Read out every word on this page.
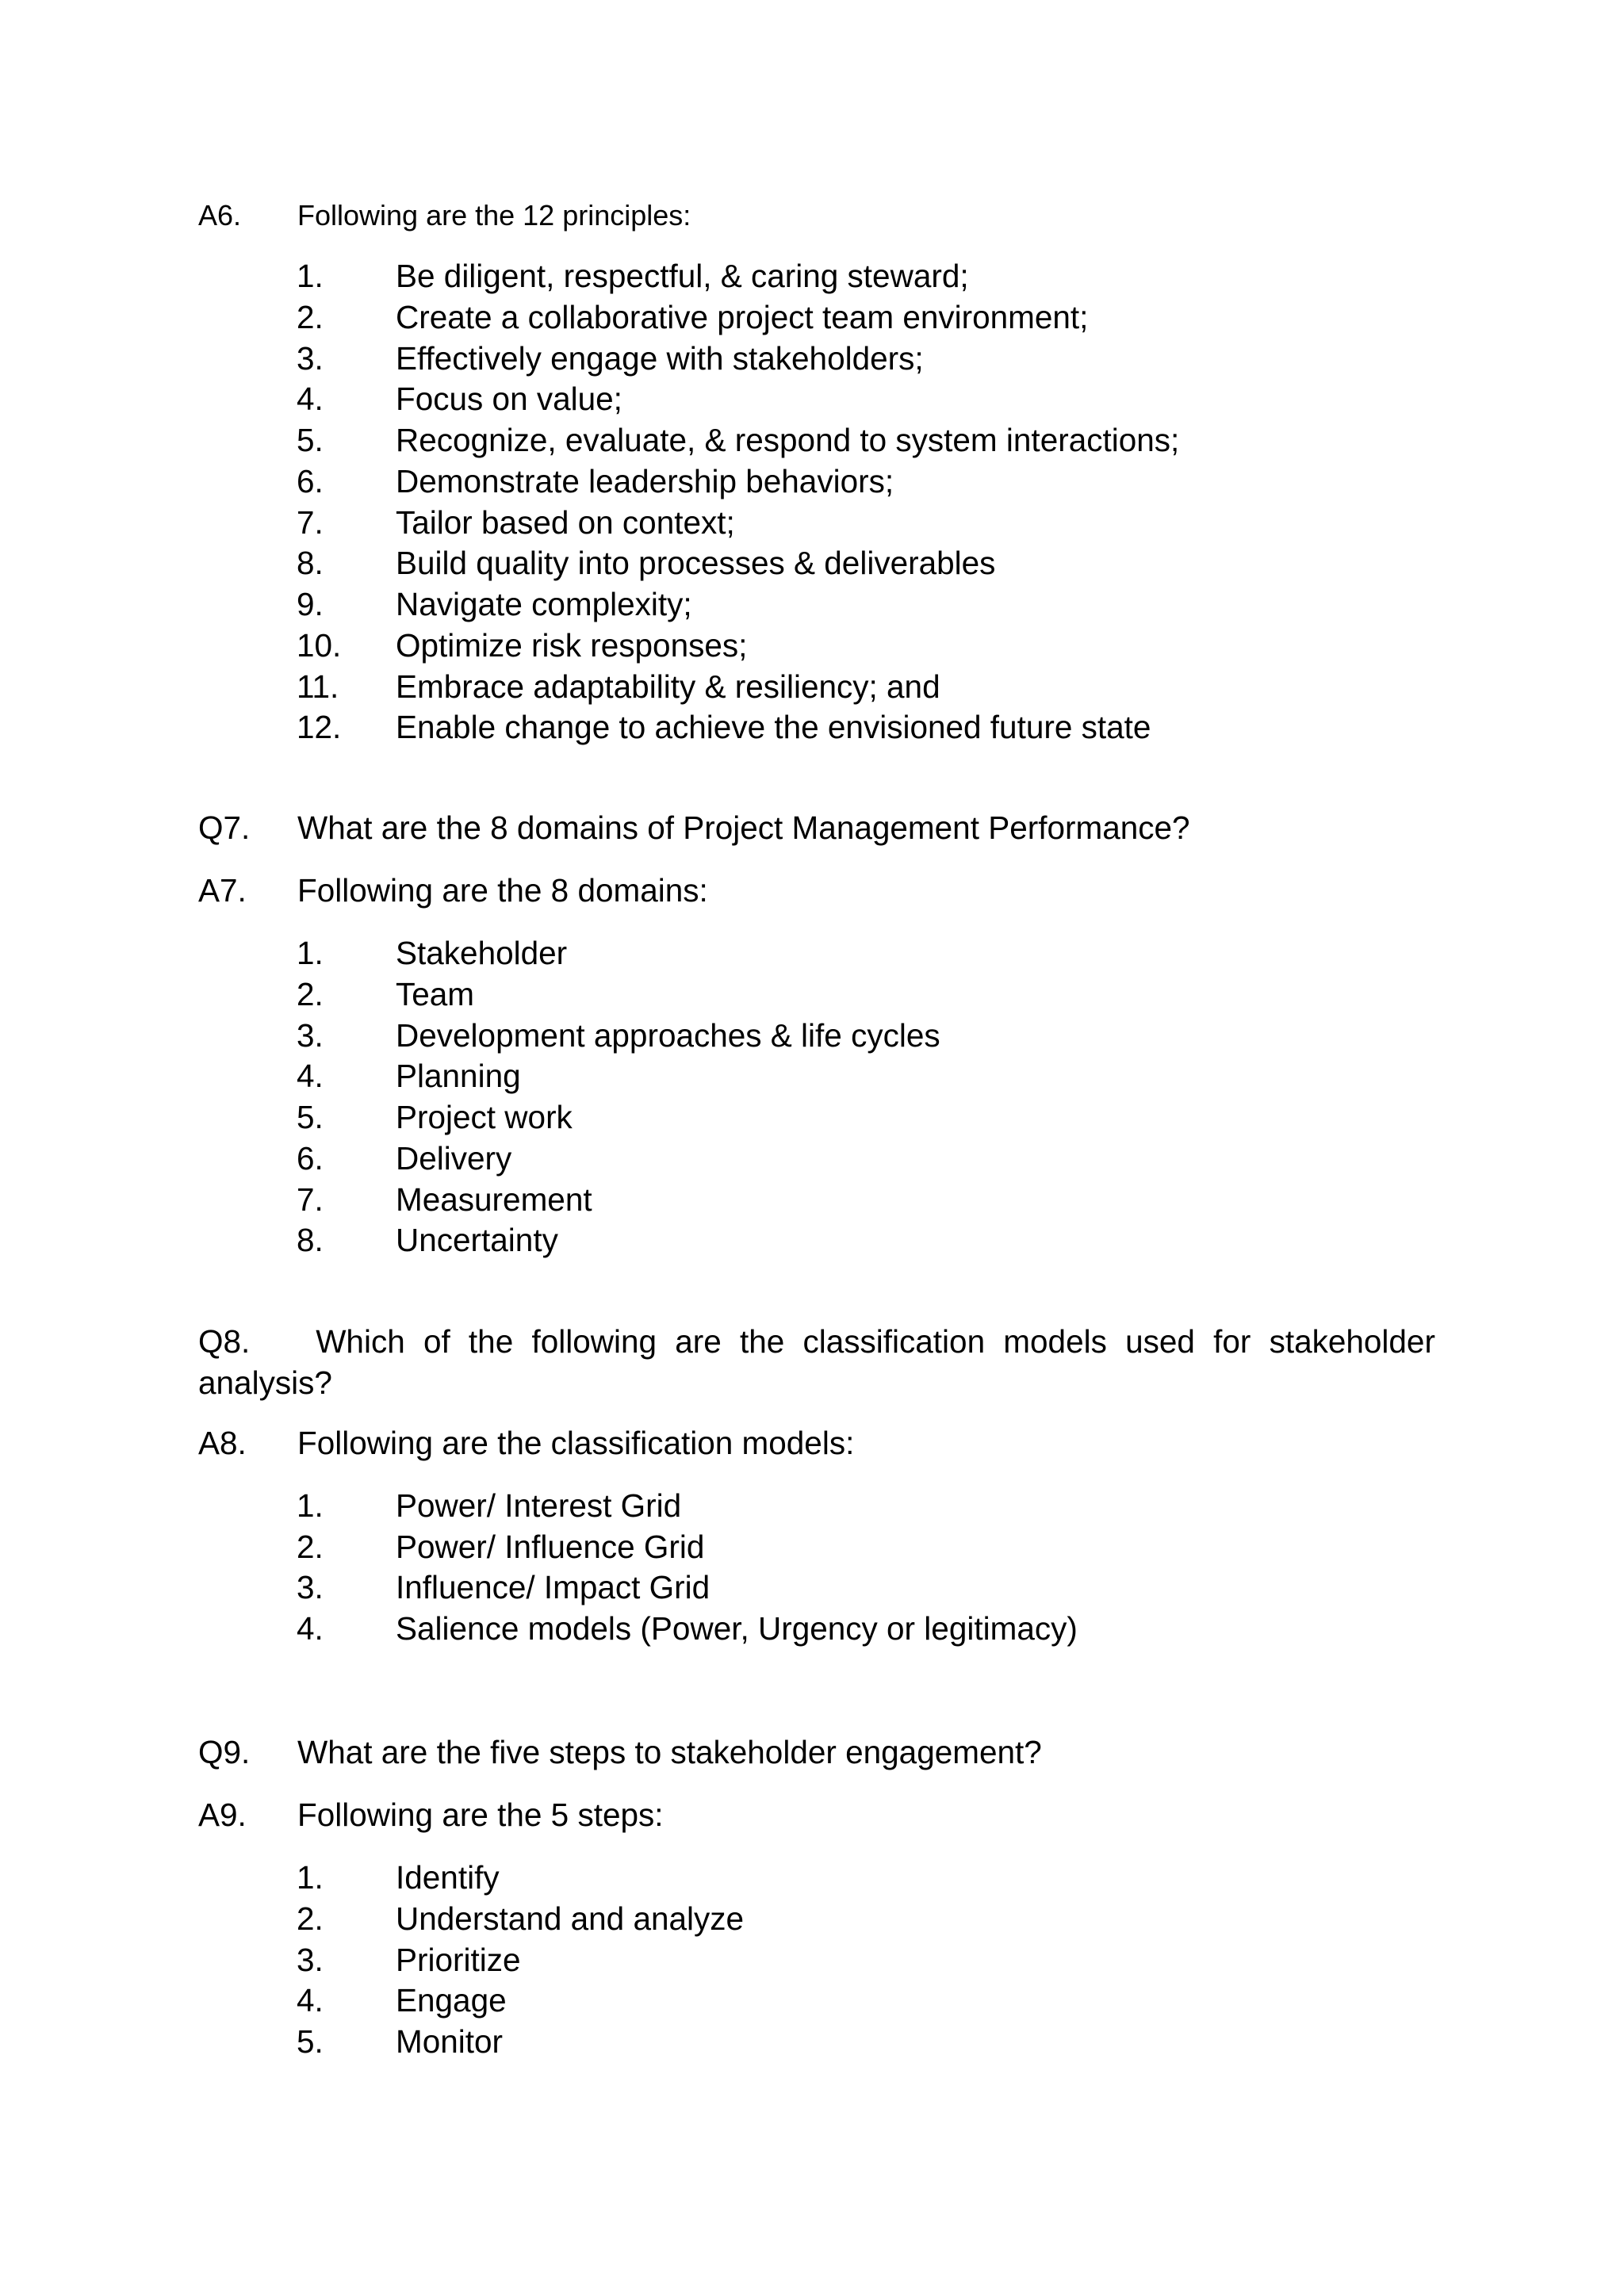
A6. Following are the 12 principles:
1. Be diligent, respectful, & caring steward;
2. Create a collaborative project team environment;
3. Effectively engage with stakeholders;
4. Focus on value;
5. Recognize, evaluate, & respond to system interactions;
6. Demonstrate leadership behaviors;
7. Tailor based on context;
8. Build quality into processes & deliverables
9. Navigate complexity;
10. Optimize risk responses;
11. Embrace adaptability & resiliency; and
12. Enable change to achieve the envisioned future state
Q7. What are the 8 domains of Project Management Performance?
A7. Following are the 8 domains:
1. Stakeholder
2. Team
3. Development approaches & life cycles
4. Planning
5. Project work
6. Delivery
7. Measurement
8. Uncertainty
Q8.	Which of the following are the classification models used for stakeholder
analysis?
A8. Following are the classification models:
1. Power/ Interest Grid
2. Power/ Influence Grid
3. Influence/ Impact Grid
4. Salience models (Power, Urgency or legitimacy)
Q9. What are the five steps to stakeholder engagement?
A9. Following are the 5 steps:
1. Identify
2. Understand and analyze
3. Prioritize
4. Engage
5. Monitor
